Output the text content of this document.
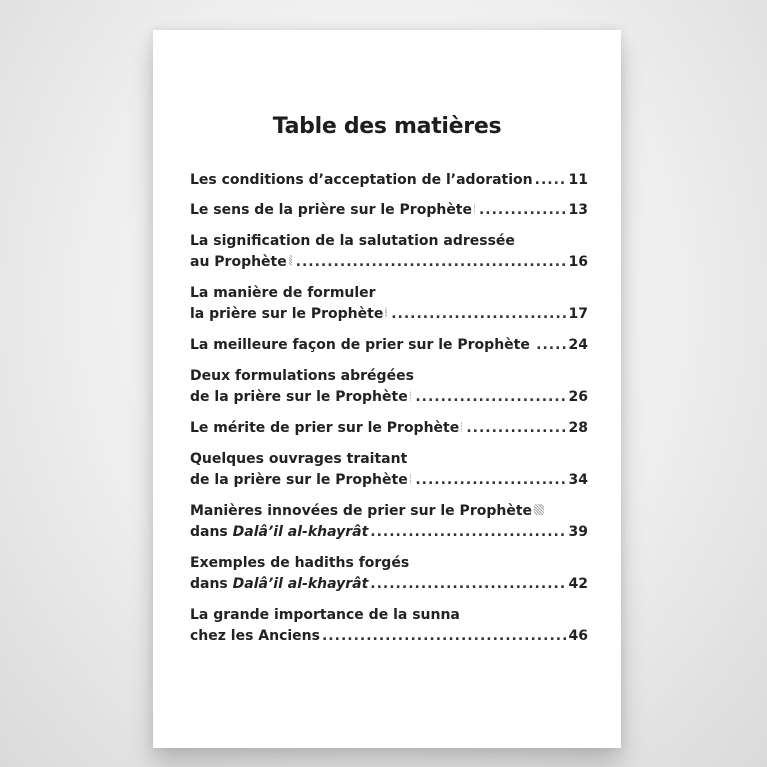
Table des matières
Les conditions d’acceptation de l’adoration .....	11
Le sens de la prière sur le Prophète .....	13
La signification de la salutation adressée
au Prophète .....	16
La manière de formuler
la prière sur le Prophète .....	17
La meilleure façon de prier sur le Prophète .....	24
Deux formulations abrégées
de la prière sur le Prophète .....	26
Le mérite de prier sur le Prophète .....	28
Quelques ouvrages traitant
de la prière sur le Prophète .....	34
Manières innovées de prier sur le Prophète
dans Dalâ’il al-khayrât .....	39
Exemples de hadiths forgés
dans Dalâ’il al-khayrât .....	42
La grande importance de la sunna
chez les Anciens .....	46
